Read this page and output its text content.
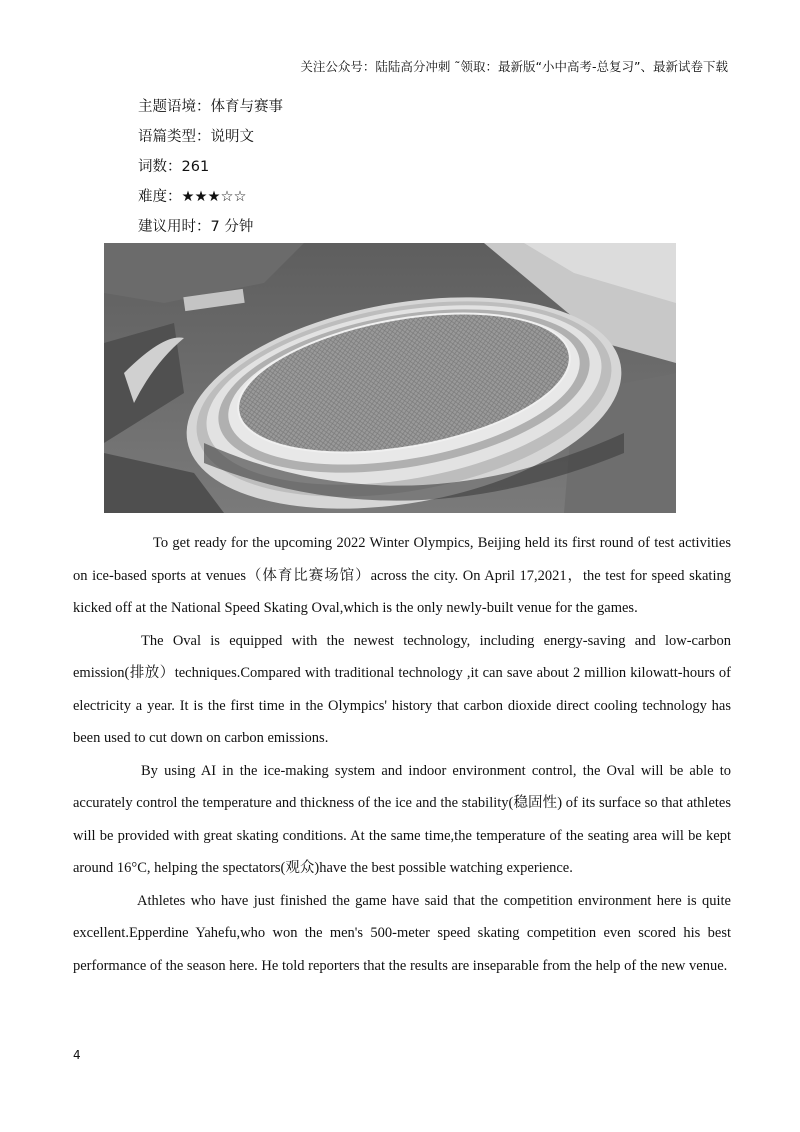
关注公众号：陆陆高分冲刺 ˜领取：最新版“小中高考-总复习”、最新试卷下载
主题语境：体育与赛事
语篇类型：说明文
词数：261
难度：★★★☆☆
建议用时：7 分钟

To get ready for the upcoming 2022 Winter Olympics, Beijing held its first round of test activities on ice-based sports at venues（体育比赛场馆）across the city. On April 17,2021，the test for speed skating kicked off at the National Speed Skating Oval,which is the only newly-built venue for the games.

The Oval is equipped with the newest technology, including energy-saving and low-carbon emission(排放）techniques.Compared with traditional technology ,it can save about 2 million kilowatt-hours of electricity a year. It is the first time in the Olympics' history that carbon dioxide direct cooling technology has been used to cut down on carbon emissions.

By using AI in the ice-making system and indoor environment control, the Oval will be able to accurately control the temperature and thickness of the ice and the stability(稳固性) of its surface so that athletes will be provided with great skating conditions. At the same time,the temperature of the seating area will be kept around 16°C, helping the spectators(观众)have the best possible watching experience.

Athletes who have just finished the game have said that the competition environment here is quite excellent.Epperdine Yahefu,who won the men's 500-meter speed skating competition even scored his best performance of the season here. He told reporters that the results are inseparable from the help of the new venue.

4
